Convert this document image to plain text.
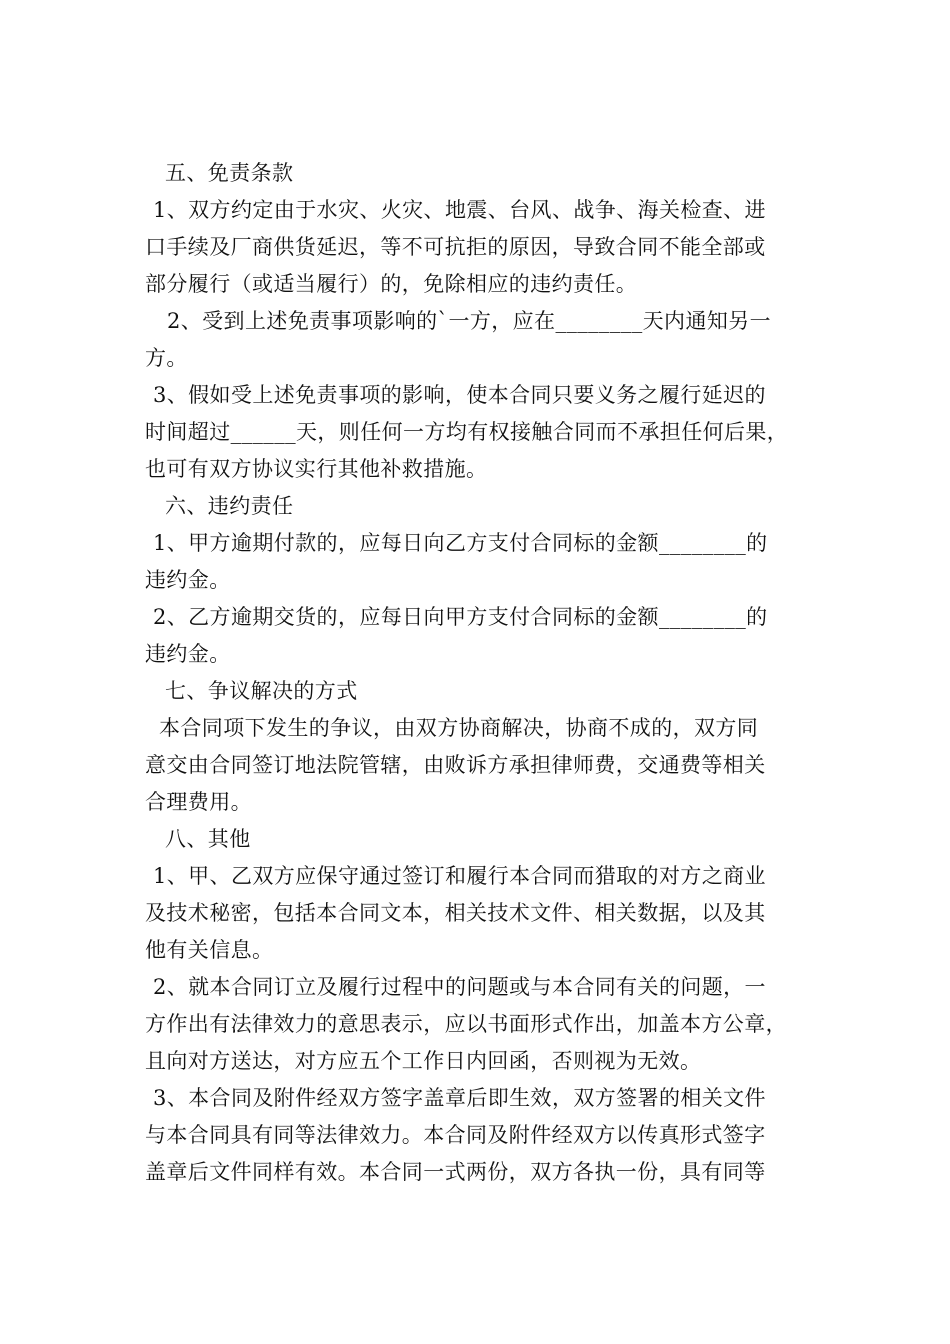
五、免责条款
1、双方约定由于水灾、火灾、地震、台风、战争、海关检查、进
口手续及厂商供货延迟，等不可抗拒的原因，导致合同不能全部或
部分履行（或适当履行）的，免除相应的违约责任。
2、受到上述免责事项影响的`一方，应在________天内通知另一
方。
3、假如受上述免责事项的影响，使本合同只要义务之履行延迟的
时间超过______天，则任何一方均有权接触合同而不承担任何后果，
也可有双方协议实行其他补救措施。
六、违约责任
1、甲方逾期付款的，应每日向乙方支付合同标的金额________的
违约金。
2、乙方逾期交货的，应每日向甲方支付合同标的金额________的
违约金。
七、争议解决的方式
本合同项下发生的争议，由双方协商解决，协商不成的，双方同
意交由合同签订地法院管辖，由败诉方承担律师费，交通费等相关
合理费用。
八、其他
1、甲、乙双方应保守通过签订和履行本合同而猎取的对方之商业
及技术秘密，包括本合同文本，相关技术文件、相关数据，以及其
他有关信息。
2、就本合同订立及履行过程中的问题或与本合同有关的问题，一
方作出有法律效力的意思表示，应以书面形式作出，加盖本方公章，
且向对方送达，对方应五个工作日内回函，否则视为无效。
3、本合同及附件经双方签字盖章后即生效，双方签署的相关文件
与本合同具有同等法律效力。本合同及附件经双方以传真形式签字
盖章后文件同样有效。本合同一式两份，双方各执一份，具有同等
